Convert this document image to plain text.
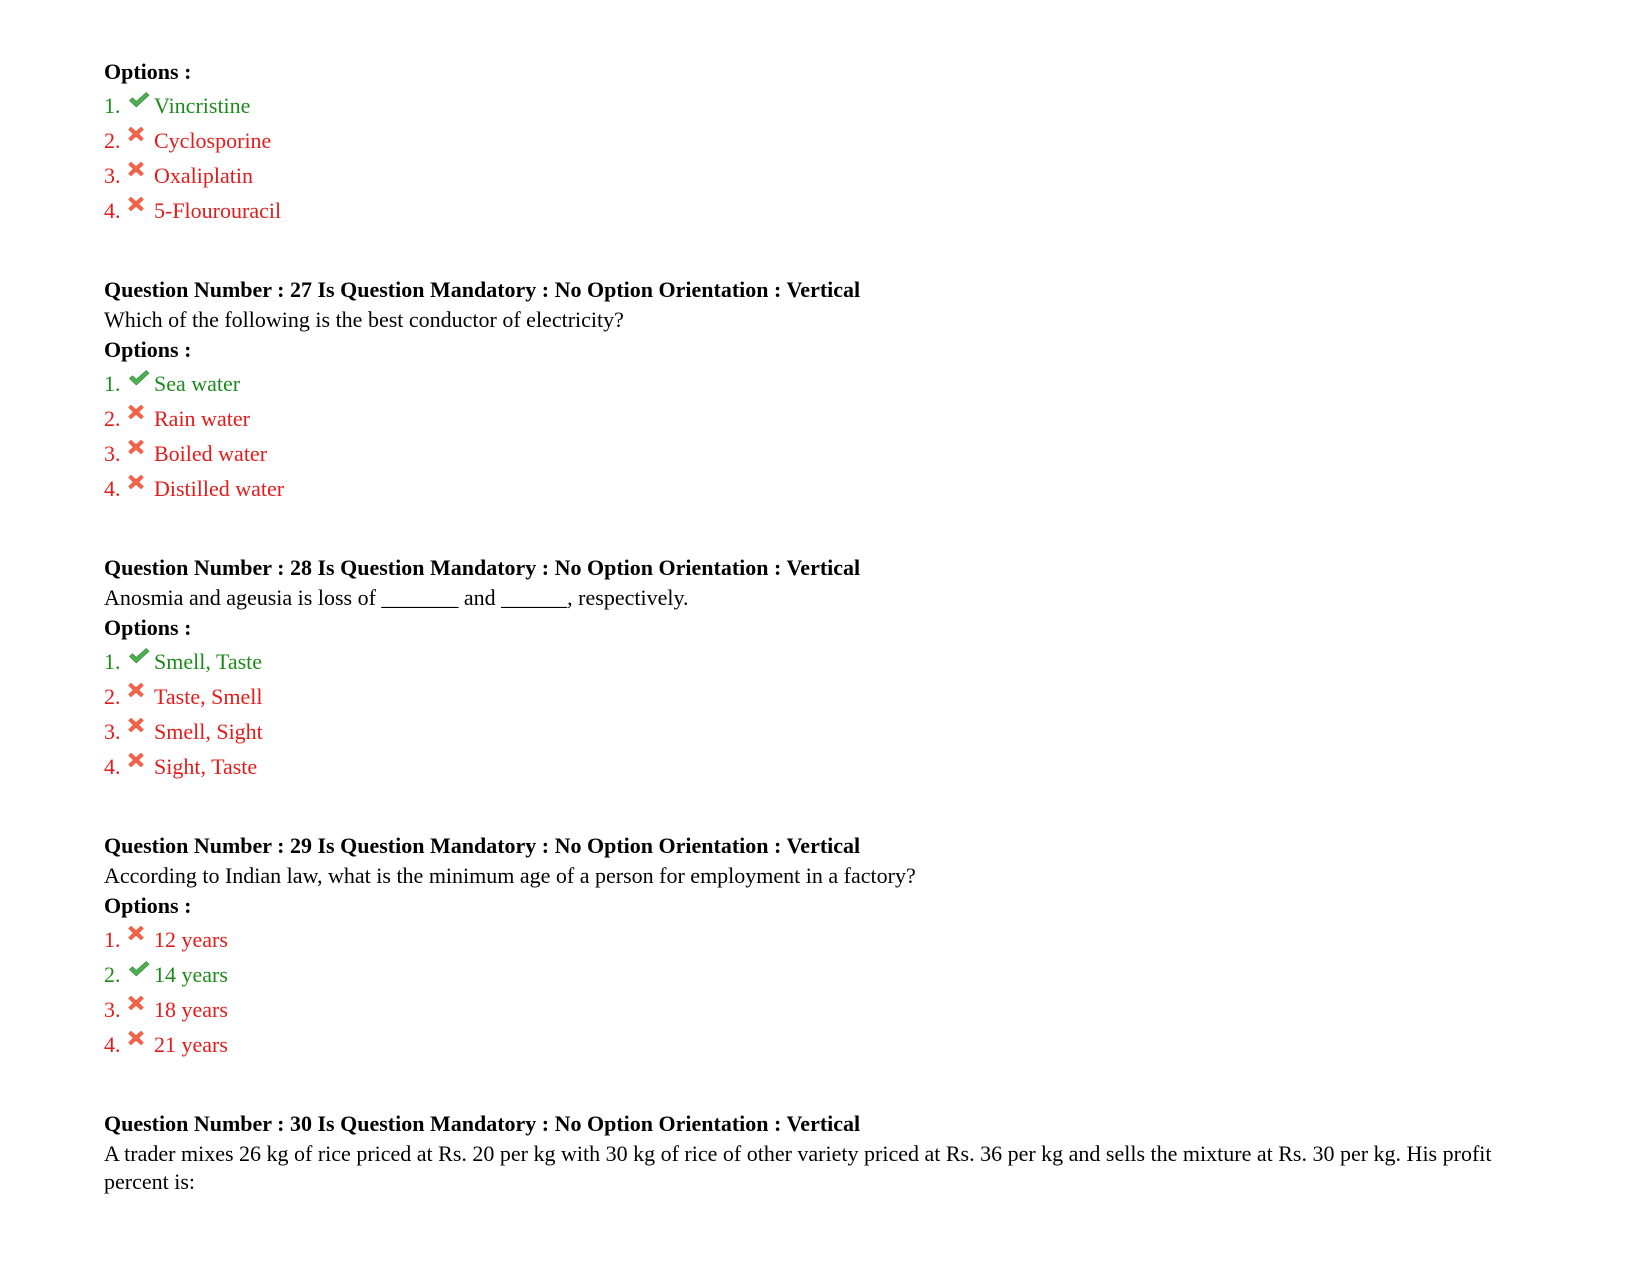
Options :
1.	Vincristine
2.	Cyclosporine
3.	Oxaliplatin
4.	5-Flourouracil
Question Number : 27 Is Question Mandatory : No Option Orientation : Vertical
Which of the following is the best conductor of electricity?
Options :
1.	Sea water
2.	Rain water
3.	Boiled water
4.	Distilled water
Question Number : 28 Is Question Mandatory : No Option Orientation : Vertical
Anosmia and ageusia is loss of _______ and ______, respectively.
Options :
1.	Smell, Taste
2.	Taste, Smell
3.	Smell, Sight
4.	Sight, Taste
Question Number : 29 Is Question Mandatory : No Option Orientation : Vertical
According to Indian law, what is the minimum age of a person for employment in a factory?
Options :
1.	12 years
2.	14 years
3.	18 years
4.	21 years
Question Number : 30 Is Question Mandatory : No Option Orientation : Vertical
A trader mixes 26 kg of rice priced at Rs. 20 per kg with 30 kg of rice of other variety priced at Rs. 36 per kg and sells the mixture at Rs. 30 per kg. His profit percent is:
